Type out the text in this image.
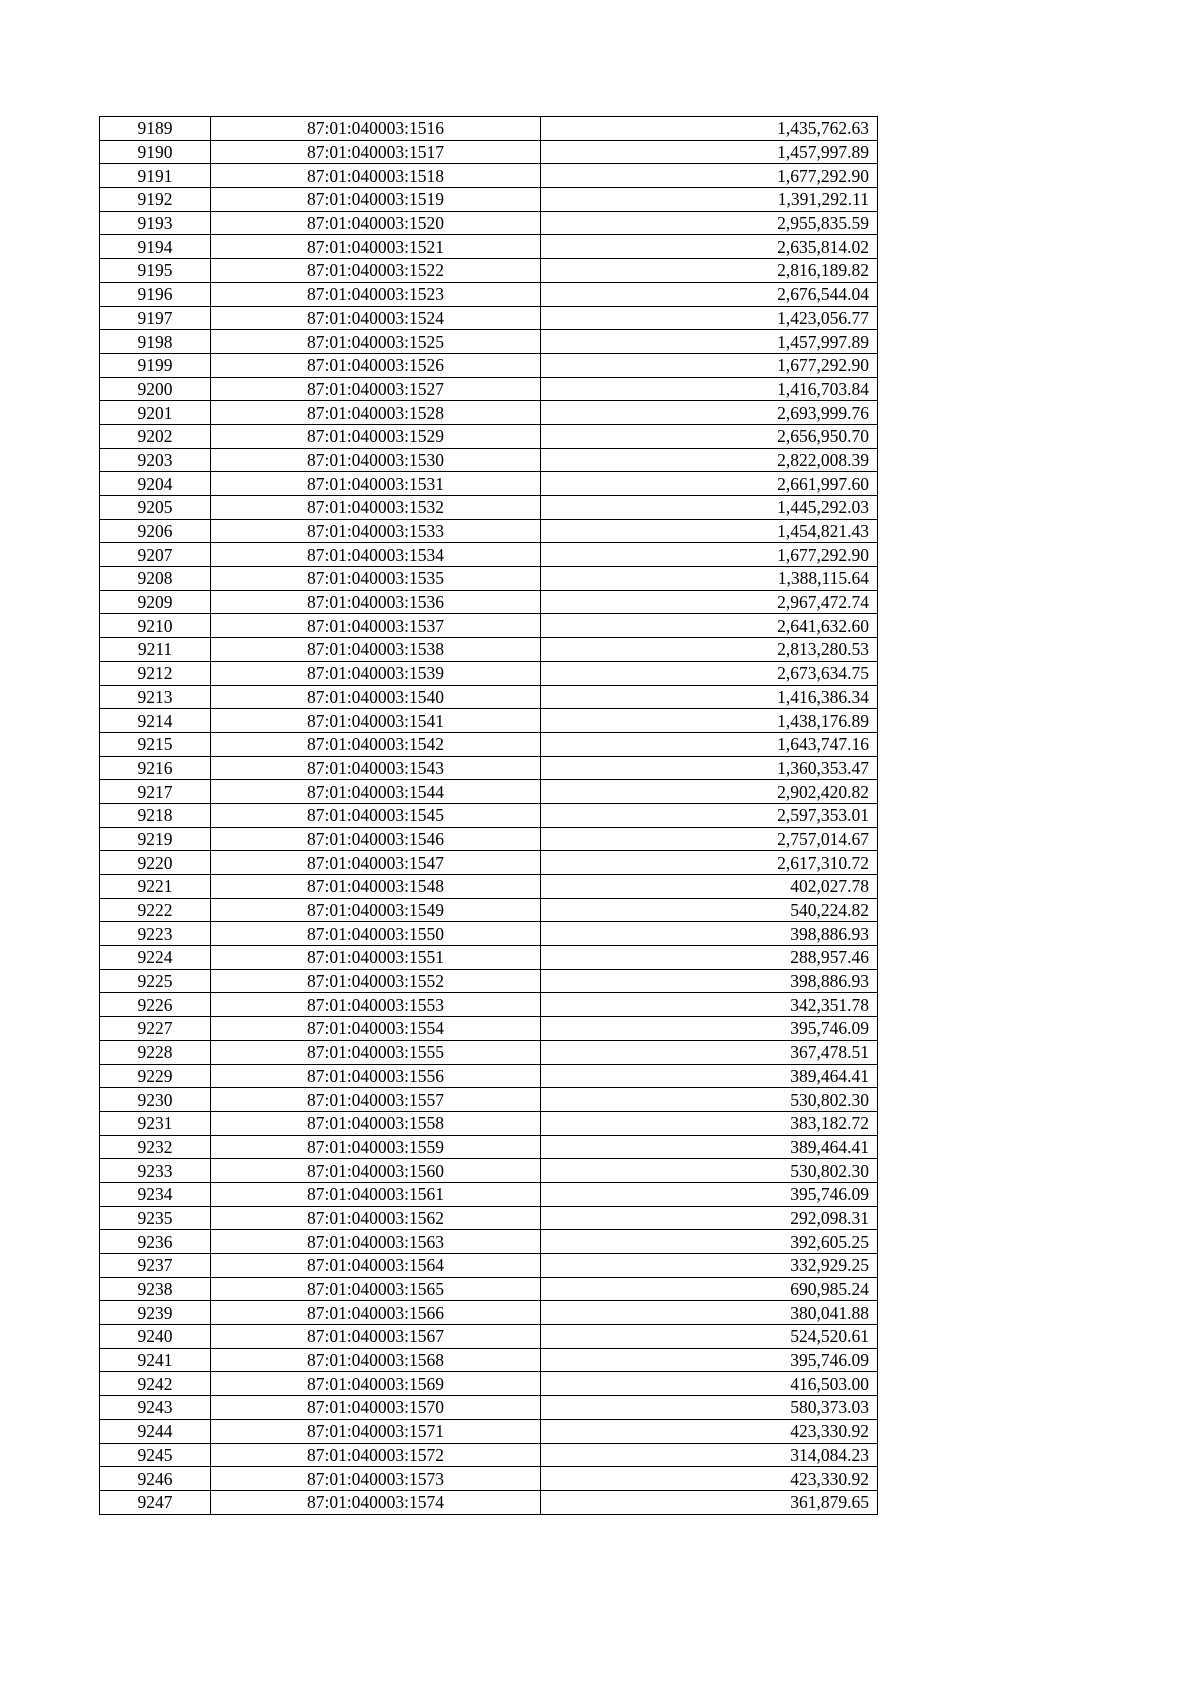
9189	87:01:040003:1516	1,435,762.63
9190	87:01:040003:1517	1,457,997.89
9191	87:01:040003:1518	1,677,292.90
9192	87:01:040003:1519	1,391,292.11
9193	87:01:040003:1520	2,955,835.59
9194	87:01:040003:1521	2,635,814.02
9195	87:01:040003:1522	2,816,189.82
9196	87:01:040003:1523	2,676,544.04
9197	87:01:040003:1524	1,423,056.77
9198	87:01:040003:1525	1,457,997.89
9199	87:01:040003:1526	1,677,292.90
9200	87:01:040003:1527	1,416,703.84
9201	87:01:040003:1528	2,693,999.76
9202	87:01:040003:1529	2,656,950.70
9203	87:01:040003:1530	2,822,008.39
9204	87:01:040003:1531	2,661,997.60
9205	87:01:040003:1532	1,445,292.03
9206	87:01:040003:1533	1,454,821.43
9207	87:01:040003:1534	1,677,292.90
9208	87:01:040003:1535	1,388,115.64
9209	87:01:040003:1536	2,967,472.74
9210	87:01:040003:1537	2,641,632.60
9211	87:01:040003:1538	2,813,280.53
9212	87:01:040003:1539	2,673,634.75
9213	87:01:040003:1540	1,416,386.34
9214	87:01:040003:1541	1,438,176.89
9215	87:01:040003:1542	1,643,747.16
9216	87:01:040003:1543	1,360,353.47
9217	87:01:040003:1544	2,902,420.82
9218	87:01:040003:1545	2,597,353.01
9219	87:01:040003:1546	2,757,014.67
9220	87:01:040003:1547	2,617,310.72
9221	87:01:040003:1548	402,027.78
9222	87:01:040003:1549	540,224.82
9223	87:01:040003:1550	398,886.93
9224	87:01:040003:1551	288,957.46
9225	87:01:040003:1552	398,886.93
9226	87:01:040003:1553	342,351.78
9227	87:01:040003:1554	395,746.09
9228	87:01:040003:1555	367,478.51
9229	87:01:040003:1556	389,464.41
9230	87:01:040003:1557	530,802.30
9231	87:01:040003:1558	383,182.72
9232	87:01:040003:1559	389,464.41
9233	87:01:040003:1560	530,802.30
9234	87:01:040003:1561	395,746.09
9235	87:01:040003:1562	292,098.31
9236	87:01:040003:1563	392,605.25
9237	87:01:040003:1564	332,929.25
9238	87:01:040003:1565	690,985.24
9239	87:01:040003:1566	380,041.88
9240	87:01:040003:1567	524,520.61
9241	87:01:040003:1568	395,746.09
9242	87:01:040003:1569	416,503.00
9243	87:01:040003:1570	580,373.03
9244	87:01:040003:1571	423,330.92
9245	87:01:040003:1572	314,084.23
9246	87:01:040003:1573	423,330.92
9247	87:01:040003:1574	361,879.65
